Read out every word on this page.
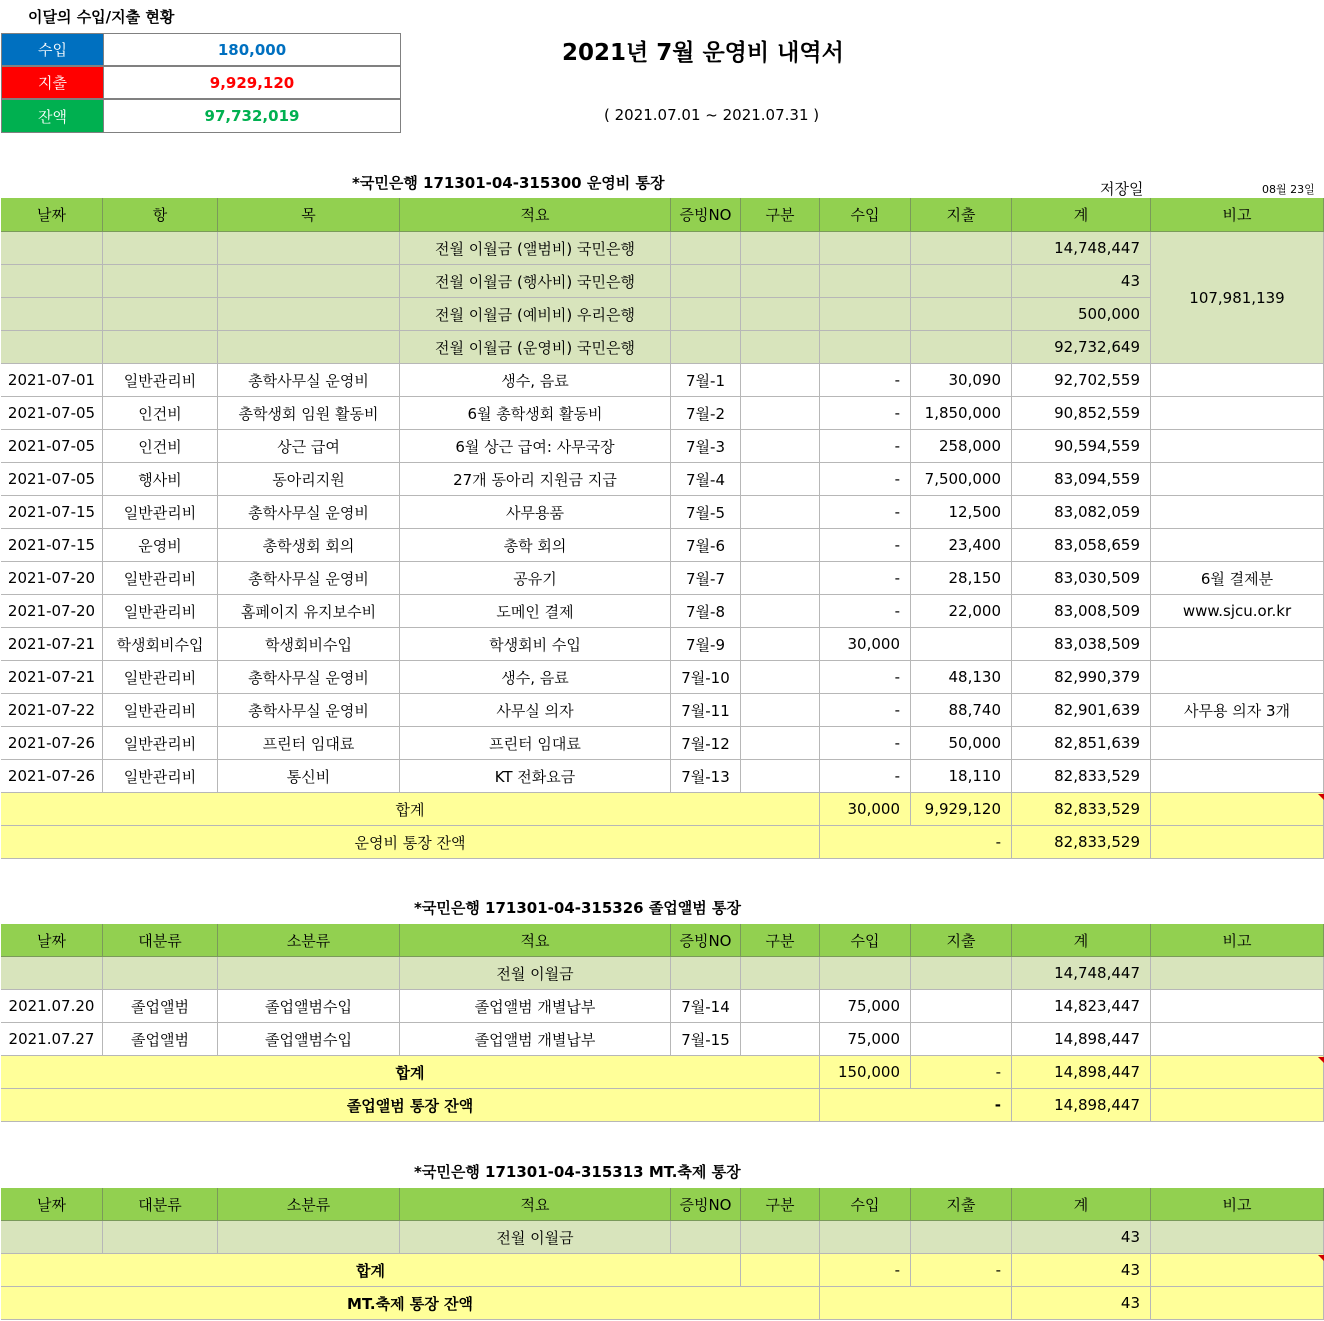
이달의 수입/지출 현황
수입	180,000
지출	9,929,120
잔액	97,732,019
2021년 7월 운영비 내역서
( 2021.07.01 ~ 2021.07.31 )
*국민은행 171301-04-315300 운영비 통장	저장일	08월 23일
날짜	항	목	적요	증빙NO	구분	수입	지출	계	비고
전월 이월금 (앨범비) 국민은행	14,748,447
전월 이월금 (행사비) 국민은행	43
전월 이월금 (예비비) 우리은행	500,000
전월 이월금 (운영비) 국민은행	92,732,649
107,981,139
2021-07-01	일반관리비	총학사무실 운영비	생수, 음료	7월-1	-	30,090	92,702,559
2021-07-05	인건비	총학생회 임원 활동비	6월 총학생회 활동비	7월-2	-	1,850,000	90,852,559
2021-07-05	인건비	상근 급여	6월 상근 급여: 사무국장	7월-3	-	258,000	90,594,559
2021-07-05	행사비	동아리지원	27개 동아리 지원금 지급	7월-4	-	7,500,000	83,094,559
2021-07-15	일반관리비	총학사무실 운영비	사무용품	7월-5	-	12,500	83,082,059
2021-07-15	운영비	총학생회 회의	총학 회의	7월-6	-	23,400	83,058,659
2021-07-20	일반관리비	총학사무실 운영비	공유기	7월-7	-	28,150	83,030,509	6월 결제분
2021-07-20	일반관리비	홈페이지 유지보수비	도메인 결제	7월-8	-	22,000	83,008,509	www.sjcu.or.kr
2021-07-21	학생회비수입	학생회비수입	학생회비 수입	7월-9	30,000	83,038,509
2021-07-21	일반관리비	총학사무실 운영비	생수, 음료	7월-10	-	48,130	82,990,379
2021-07-22	일반관리비	총학사무실 운영비	사무실 의자	7월-11	-	88,740	82,901,639	사무용 의자 3개
2021-07-26	일반관리비	프린터 임대료	프린터 임대료	7월-12	-	50,000	82,851,639
2021-07-26	일반관리비	통신비	KT 전화요금	7월-13	-	18,110	82,833,529
합계	30,000	9,929,120	82,833,529
운영비 통장 잔액	-	82,833,529
*국민은행 171301-04-315326 졸업앨범 통장
날짜	대분류	소분류	적요	증빙NO	구분	수입	지출	계	비고
전월 이월금	14,748,447
2021.07.20	졸업앨범	졸업앨범수입	졸업앨범 개별납부	7월-14	75,000	14,823,447
2021.07.27	졸업앨범	졸업앨범수입	졸업앨범 개별납부	7월-15	75,000	14,898,447
합계	150,000	-	14,898,447
졸업앨범 통장 잔액	-	14,898,447
*국민은행 171301-04-315313 MT.축제 통장
날짜	대분류	소분류	적요	증빙NO	구분	수입	지출	계	비고
전월 이월금	43
합계	-	-	43
MT.축제 통장 잔액	43
